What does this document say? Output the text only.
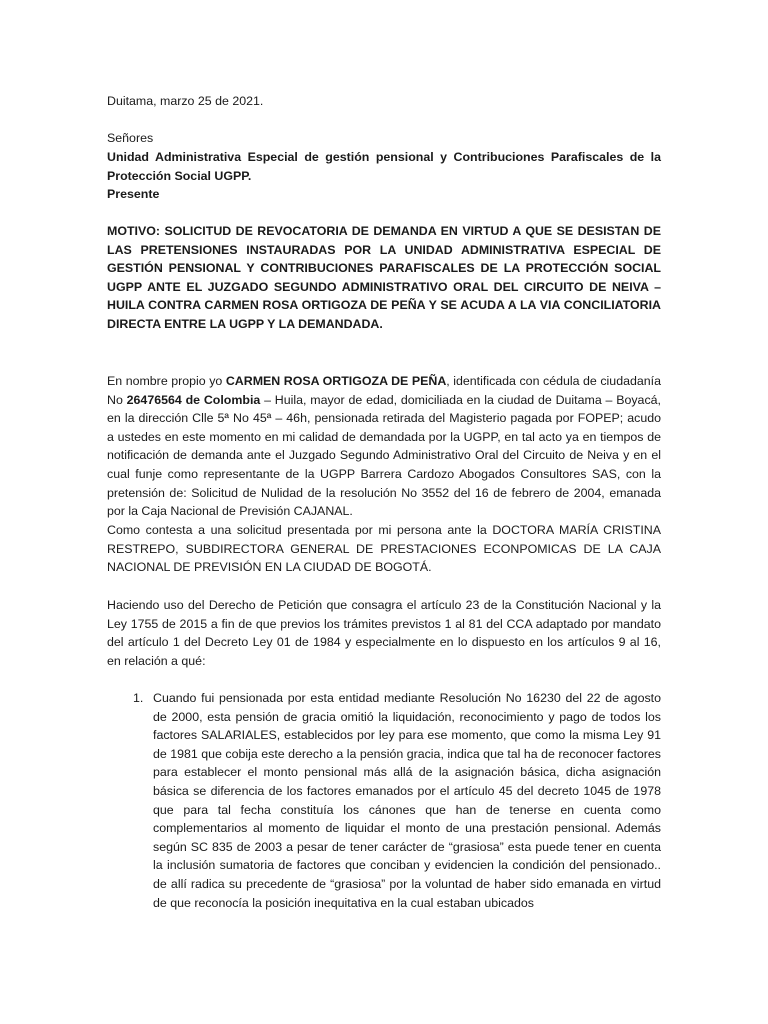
Duitama, marzo 25 de 2021.

Señores

Unidad Administrativa Especial de gestión pensional y Contribuciones Parafiscales de la Protección Social UGPP.

Presente

MOTIVO: SOLICITUD DE REVOCATORIA DE DEMANDA EN VIRTUD A QUE SE DESISTAN DE LAS PRETENSIONES INSTAURADAS POR LA UNIDAD ADMINISTRATIVA ESPECIAL DE GESTIÓN PENSIONAL Y CONTRIBUCIONES PARAFISCALES DE LA PROTECCIÓN SOCIAL UGPP ANTE EL JUZGADO SEGUNDO ADMINISTRATIVO ORAL DEL CIRCUITO DE NEIVA – HUILA CONTRA CARMEN ROSA ORTIGOZA DE PEÑA Y SE ACUDA A LA VIA CONCILIATORIA DIRECTA ENTRE LA UGPP Y LA DEMANDADA.

En nombre propio yo CARMEN ROSA ORTIGOZA DE PEÑA, identificada con cédula de ciudadanía No 26476564 de Colombia – Huila, mayor de edad, domiciliada en la ciudad de Duitama – Boyacá, en la dirección Clle 5ª No 45ª – 46h, pensionada retirada del Magisterio pagada por FOPEP; acudo a ustedes en este momento en mi calidad de demandada por la UGPP, en tal acto ya en tiempos de notificación de demanda ante el Juzgado Segundo Administrativo Oral del Circuito de Neiva y en el cual funje como representante de la UGPP Barrera Cardozo Abogados Consultores SAS, con la pretensión de: Solicitud de Nulidad de la resolución No 3552 del 16 de febrero de 2004, emanada por la Caja Nacional de Previsión CAJANAL.

Como contesta a una solicitud presentada por mi persona ante la DOCTORA MARÍA CRISTINA RESTREPO, SUBDIRECTORA GENERAL DE PRESTACIONES ECONPOMICAS DE LA CAJA NACIONAL DE PREVISIÓN EN LA CIUDAD DE BOGOTÁ.

Haciendo uso del Derecho de Petición que consagra el artículo 23 de la Constitución Nacional y la Ley 1755 de 2015 a fin de que previos los trámites previstos 1 al 81 del CCA adaptado por mandato del artículo 1 del Decreto Ley 01 de 1984 y especialmente en lo dispuesto en los artículos 9 al 16, en relación a qué:

1. Cuando fui pensionada por esta entidad mediante Resolución No 16230 del 22 de agosto de 2000, esta pensión de gracia omitió la liquidación, reconocimiento y pago de todos los factores SALARIALES, establecidos por ley para ese momento, que como la misma Ley 91 de 1981 que cobija este derecho a la pensión gracia, indica que tal ha de reconocer factores para establecer el monto pensional más allá de la asignación básica, dicha asignación básica se diferencia de los factores emanados por el artículo 45 del decreto 1045 de 1978 que para tal fecha constituía los cánones que han de tenerse en cuenta como complementarios al momento de liquidar el monto de una prestación pensional. Además según SC 835 de 2003 a pesar de tener carácter de “grasiosa” esta puede tener en cuenta la inclusión sumatoria de factores que conciban y evidencien la condición del pensionado.. de allí radica su precedente de “grasiosa” por la voluntad de haber sido emanada en virtud de que reconocía la posición inequitativa en la cual estaban ubicados
